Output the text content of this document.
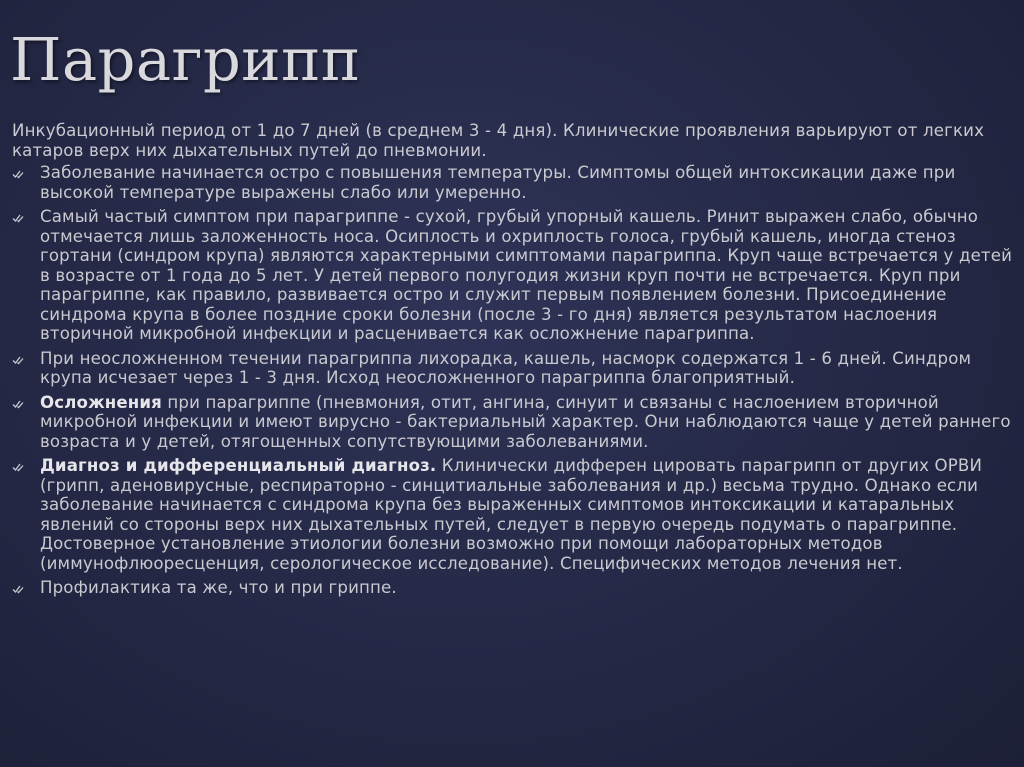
Парагрипп

Инкубационный период от 1 до 7 дней (в среднем 3 - 4 дня). Клинические проявления варьируют от легких катаров верх них дыхательных путей до пневмонии.

Заболевание начинается остро с повышения температуры. Симптомы общей интоксикации даже при высокой температуре выражены слабо или умеренно.
Самый частый симптом при парагриппе - сухой, грубый упорный кашель. Ринит выражен слабо, обычно отмечается лишь заложенность носа. Осиплость и охриплость голоса, грубый кашель, иногда стеноз гортани (синдром крупа) являются характерными симптомами парагриппа. Круп чаще встречается у детей в возрасте от 1 года до 5 лет. У детей первого полугодия жизни круп почти не встречается. Круп при парагриппе, как правило, развивается остро и служит первым появлением болезни. Присоединение синдрома крупа в более поздние сроки болезни (после 3 - го дня) является результатом наслоения вторичной микробной инфекции и расценивается как осложнение парагриппа.
При неосложненном течении парагриппа лихорадка, кашель, насморк содержатся 1 - 6 дней. Синдром крупа исчезает через 1 - 3 дня. Исход неосложненного парагриппа благоприятный.
Осложнения при парагриппе (пневмония, отит, ангина, синуит и связаны с наслоением вторичной микробной инфекции и имеют вирусно - бактериальный характер. Они наблюдаются чаще у детей раннего возраста и у детей, отягощенных сопутствующими заболеваниями.
Диагноз и дифференциальный диагноз. Клинически дифферен цировать парагрипп от других ОРВИ (грипп, аденовирусные, респираторно - синцитиальные заболевания и др.) весьма трудно. Однако если заболевание начинается с синдрома крупа без выраженных симптомов интоксикации и катаральных явлений со стороны верх них дыхательных путей, следует в первую очередь подумать о парагриппе. Достоверное установление этиологии болезни возможно при помощи лабораторных методов (иммунофлюоресценция, серологическое исследование). Специфических методов лечения нет.
Профилактика та же, что и при гриппе.
